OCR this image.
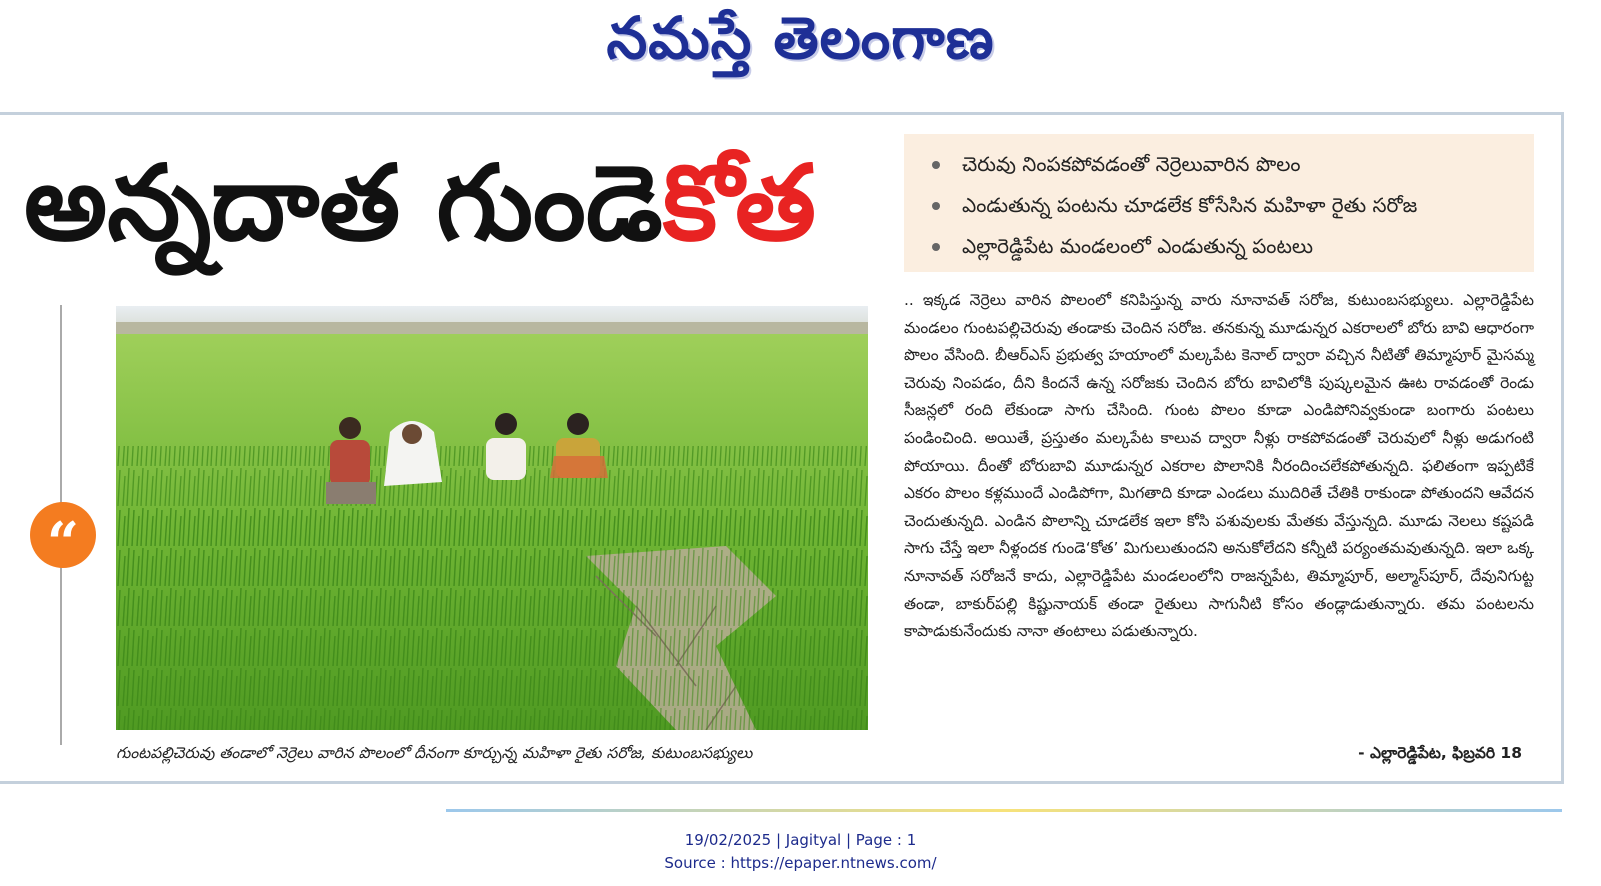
నమస్తే తెలంగాణ
అన్నదాత గుండెకోత	చెరువు నింపకపోవడంతో నెర్రెలువారిన పొలం
ఎండుతున్న పంటను చూడలేక కోసేసిన మహిళా రైతు సరోజ
ఎల్లారెడ్డిపేట మండలంలో ఎండుతున్న పంటలు
“
గుంటపల్లిచెరువు తండాలో నెర్రెలు వారిన పొలంలో దీనంగా కూర్చున్న మహిళా రైతు సరోజ, కుటుంబసభ్యులు
.. ఇక్కడ నెర్రెలు వారిన పొలంలో కనిపిస్తున్న వారు నూనావత్ సరోజ, కుటుంబసభ్యులు. ఎల్లారెడ్డిపేట మండలం గుంటపల్లిచెరువు తండాకు చెందిన సరోజ. తనకున్న మూడున్నర ఎకరాలలో బోరు బావి ఆధారంగా పొలం వేసింది. బీఆర్ఎస్ ప్రభుత్వ హయాంలో మల్కపేట కెనాల్ ద్వారా వచ్చిన నీటితో తిమ్మాపూర్ మైసమ్మ చెరువు నింపడం, దీని కిందనే ఉన్న సరోజకు చెందిన బోరు బావిలోకి పుష్కలమైన ఊట రావడంతో రెండు సీజన్లలో రంది లేకుండా సాగు చేసింది. గుంట పొలం కూడా ఎండిపోనివ్వకుండా బంగారు పంటలు పండించింది. అయితే, ప్రస్తుతం మల్కపేట కాలువ ద్వారా నీళ్లు రాకపోవడంతో చెరువులో నీళ్లు అడుగంటి పోయాయి. దీంతో బోరుబావి మూడున్నర ఎకరాల పొలానికి నీరందించలేకపోతున్నది. ఫలితంగా ఇప్పటికే ఎకరం పొలం కళ్లముందే ఎండిపోగా, మిగతాది కూడా ఎండలు ముదిరితే చేతికి రాకుండా పోతుందని ఆవేదన చెందుతున్నది. ఎండిన పొలాన్ని చూడలేక ఇలా కోసి పశువులకు మేతకు వేస్తున్నది. మూడు నెలలు కష్టపడి సాగు చేస్తే ఇలా నీళ్లందక గుండె‘కోత’ మిగులుతుందని అనుకోలేదని కన్నీటి పర్యంతమవుతున్నది. ఇలా ఒక్క నూనావత్ సరోజనే కాదు, ఎల్లారెడ్డిపేట మండలంలోని రాజన్నపేట, తిమ్మాపూర్, అల్మాస్‌పూర్, దేవునిగుట్ట తండా, బాకుర్‌పల్లి కిష్టునాయక్ తండా రైతులు సాగునీటి కోసం తండ్లాడుతున్నారు. తమ పంటలను కాపాడుకునేందుకు నానా తంటాలు పడుతున్నారు.
- ఎల్లారెడ్డిపేట, ఫిబ్రవరి 18
19/02/2025 | Jagityal | Page : 1
Source : https://epaper.ntnews.com/
